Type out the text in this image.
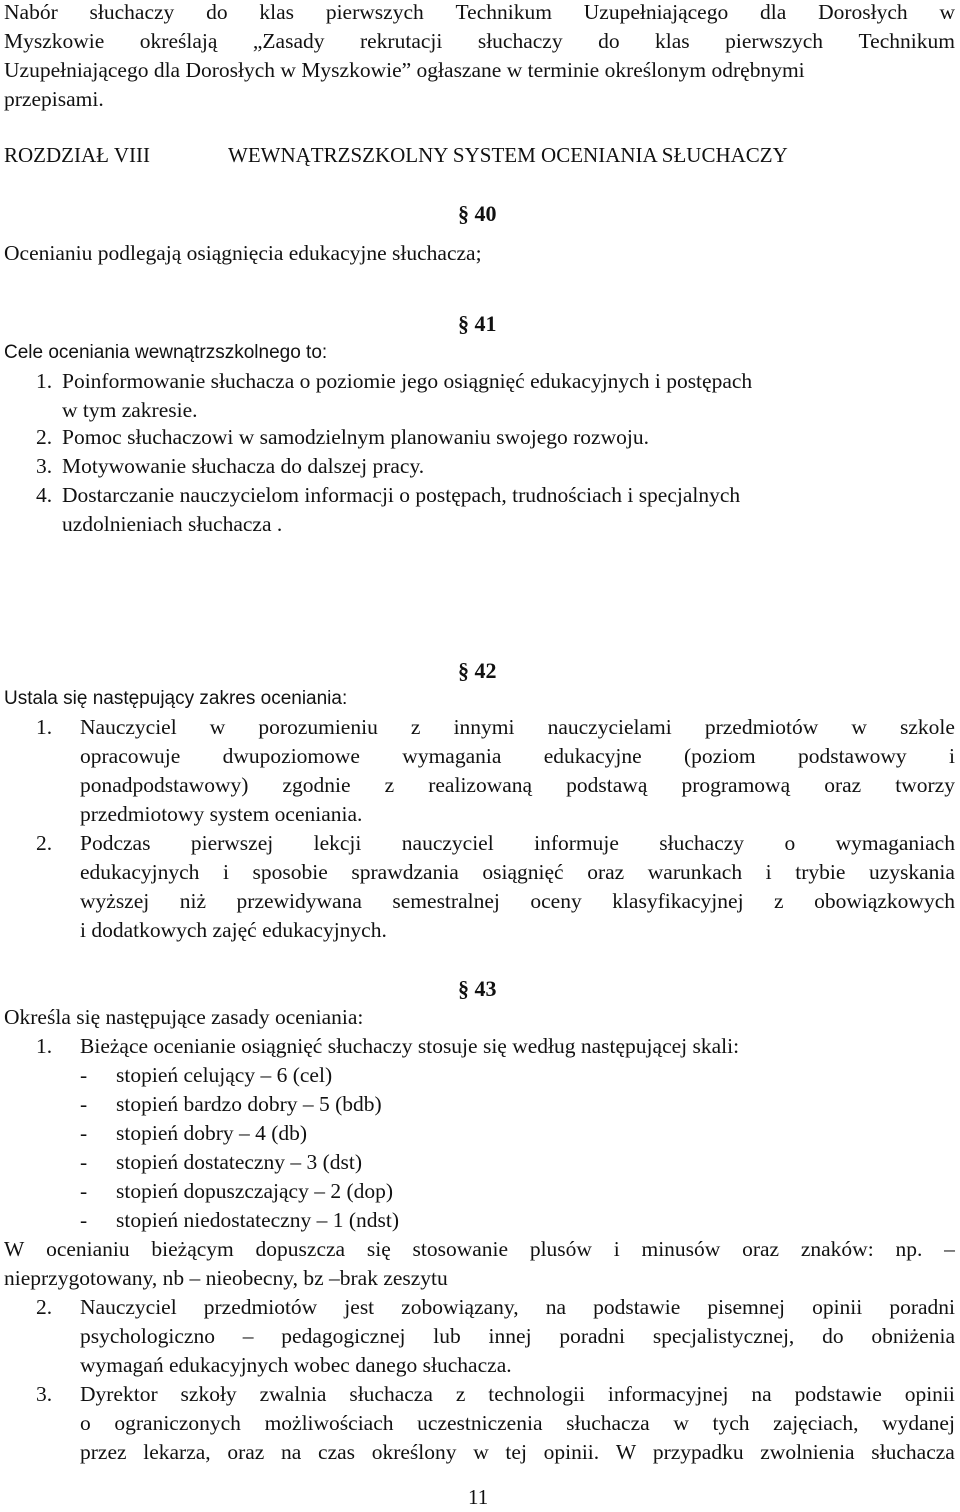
Nabór słuchaczy do klas pierwszych Technikum Uzupełniającego dla Dorosłych w
Myszkowie określają „Zasady rekrutacji słuchaczy do klas pierwszych Technikum
Uzupełniającego dla Dorosłych w Myszkowie” ogłaszane w terminie określonym odrębnymi
przepisami.
ROZDZIAŁ VIII	WEWNĄTRZSZKOLNY SYSTEM OCENIANIA SŁUCHACZY
§ 40
Ocenianiu podlegają osiągnięcia edukacyjne słuchacza;
§ 41
Cele oceniania wewnątrzszkolnego to:
1. Poinformowanie słuchacza o poziomie jego osiągnięć edukacyjnych i postępach
w tym zakresie.
2. Pomoc słuchaczowi w samodzielnym planowaniu swojego rozwoju.
3. Motywowanie słuchacza do dalszej pracy.
4. Dostarczanie nauczycielom informacji o postępach, trudnościach i specjalnych
uzdolnieniach słuchacza .
§ 42
Ustala się następujący zakres oceniania:
1. Nauczyciel w porozumieniu z innymi nauczycielami przedmiotów w szkole
opracowuje dwupoziomowe wymagania edukacyjne (poziom podstawowy i
ponadpodstawowy) zgodnie z realizowaną podstawą programową oraz tworzy
przedmiotowy system oceniania.
2. Podczas pierwszej lekcji nauczyciel informuje słuchaczy o wymaganiach
edukacyjnych i sposobie sprawdzania osiągnięć oraz warunkach i trybie uzyskania
wyższej niż przewidywana semestralnej oceny klasyfikacyjnej z obowiązkowych
i dodatkowych zajęć edukacyjnych.
§ 43
Określa się następujące zasady oceniania:
1. Bieżące ocenianie osiągnięć słuchaczy stosuje się według następującej skali:
- stopień celujący – 6 (cel)
- stopień bardzo dobry – 5 (bdb)
- stopień dobry – 4 (db)
- stopień dostateczny – 3 (dst)
- stopień dopuszczający – 2 (dop)
- stopień niedostateczny – 1 (ndst)
W ocenianiu bieżącym dopuszcza się stosowanie plusów i minusów oraz znaków: np. –
nieprzygotowany, nb – nieobecny, bz –brak zeszytu
2. Nauczyciel przedmiotów jest zobowiązany, na podstawie pisemnej opinii poradni
psychologiczno – pedagogicznej lub innej poradni specjalistycznej, do obniżenia
wymagań edukacyjnych wobec danego słuchacza.
3. Dyrektor szkoły zwalnia słuchacza z technologii informacyjnej na podstawie opinii
o ograniczonych możliwościach uczestniczenia słuchacza w tych zajęciach, wydanej
przez lekarza, oraz na czas określony w tej opinii. W przypadku zwolnienia słuchacza
11
